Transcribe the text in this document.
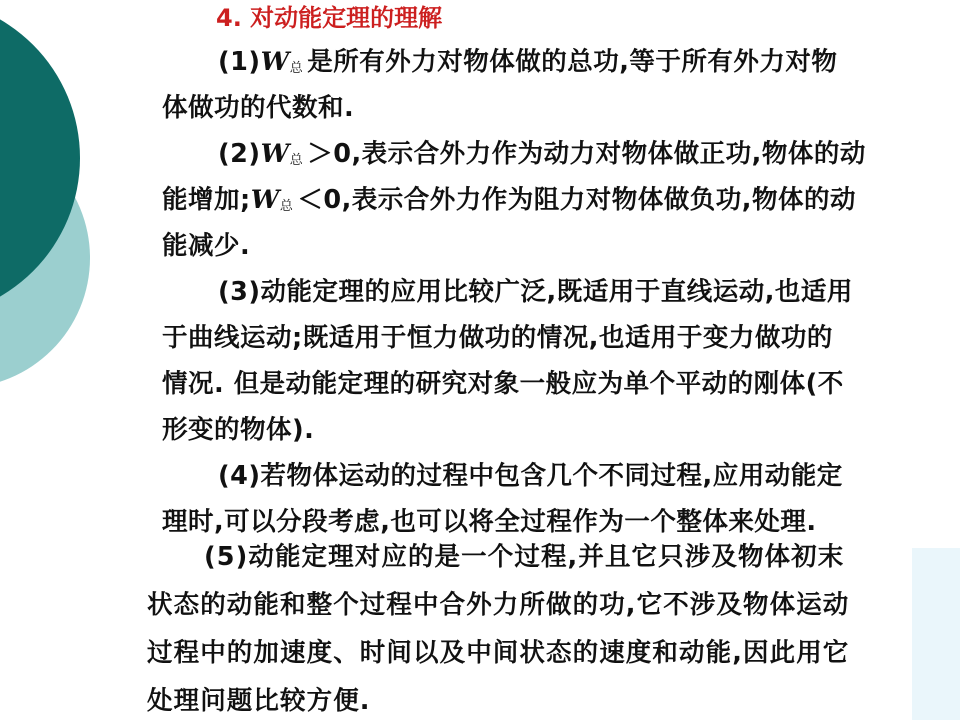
4. 对动能定理的理解
(1)W总 是所有外力对物体做的总功,等于所有外力对物
体做功的代数和.
(2)W总 ＞0,表示合外力作为动力对物体做正功,物体的动
能增加;W总 ＜0,表示合外力作为阻力对物体做负功,物体的动
能减少.
(3)动能定理的应用比较广泛,既适用于直线运动,也适用
于曲线运动;既适用于恒力做功的情况,也适用于变力做功的
情况. 但是动能定理的研究对象一般应为单个平动的刚体(不
形变的物体).
(4)若物体运动的过程中包含几个不同过程,应用动能定
理时,可以分段考虑,也可以将全过程作为一个整体来处理.
(5)动能定理对应的是一个过程,并且它只涉及物体初末
状态的动能和整个过程中合外力所做的功,它不涉及物体运动
过程中的加速度、时间以及中间状态的速度和动能,因此用它
处理问题比较方便.
